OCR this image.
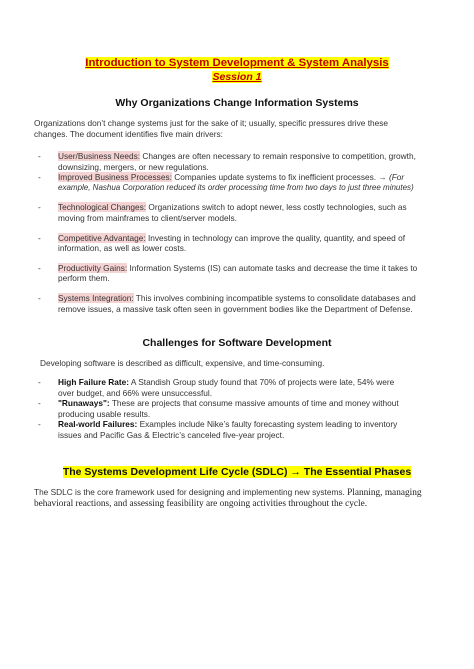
Introduction to System Development & System Analysis
Session 1
Why Organizations Change Information Systems
Organizations don’t change systems just for the sake of it; usually, specific pressures drive these
changes. The document identifies five main drivers:
- User/Business Needs: Changes are often necessary to remain responsive to competition, growth,
downsizing, mergers, or new regulations.
- Improved Business Processes: Companies update systems to fix inefficient processes. → (For
example, Nashua Corporation reduced its order processing time from two days to just three minutes)
- Technological Changes: Organizations switch to adopt newer, less costly technologies, such as
moving from mainframes to client/server models.
- Competitive Advantage: Investing in technology can improve the quality, quantity, and speed of
information, as well as lower costs.
- Productivity Gains: Information Systems (IS) can automate tasks and decrease the time it takes to
perform them.
- Systems Integration: This involves combining incompatible systems to consolidate databases and
remove issues, a massive task often seen in government bodies like the Department of Defense.
Challenges for Software Development
Developing software is described as difficult, expensive, and time-consuming.
- High Failure Rate: A Standish Group study found that 70% of projects were late, 54% were
over budget, and 66% were unsuccessful.
- "Runaways": These are projects that consume massive amounts of time and money without
producing usable results.
- Real-world Failures: Examples include Nike’s faulty forecasting system leading to inventory
issues and Pacific Gas & Electric’s canceled five-year project.
The Systems Development Life Cycle (SDLC) → The Essential Phases
The SDLC is the core framework used for designing and implementing new systems. Planning, managing
behavioral reactions, and assessing feasibility are ongoing activities throughout the cycle.
